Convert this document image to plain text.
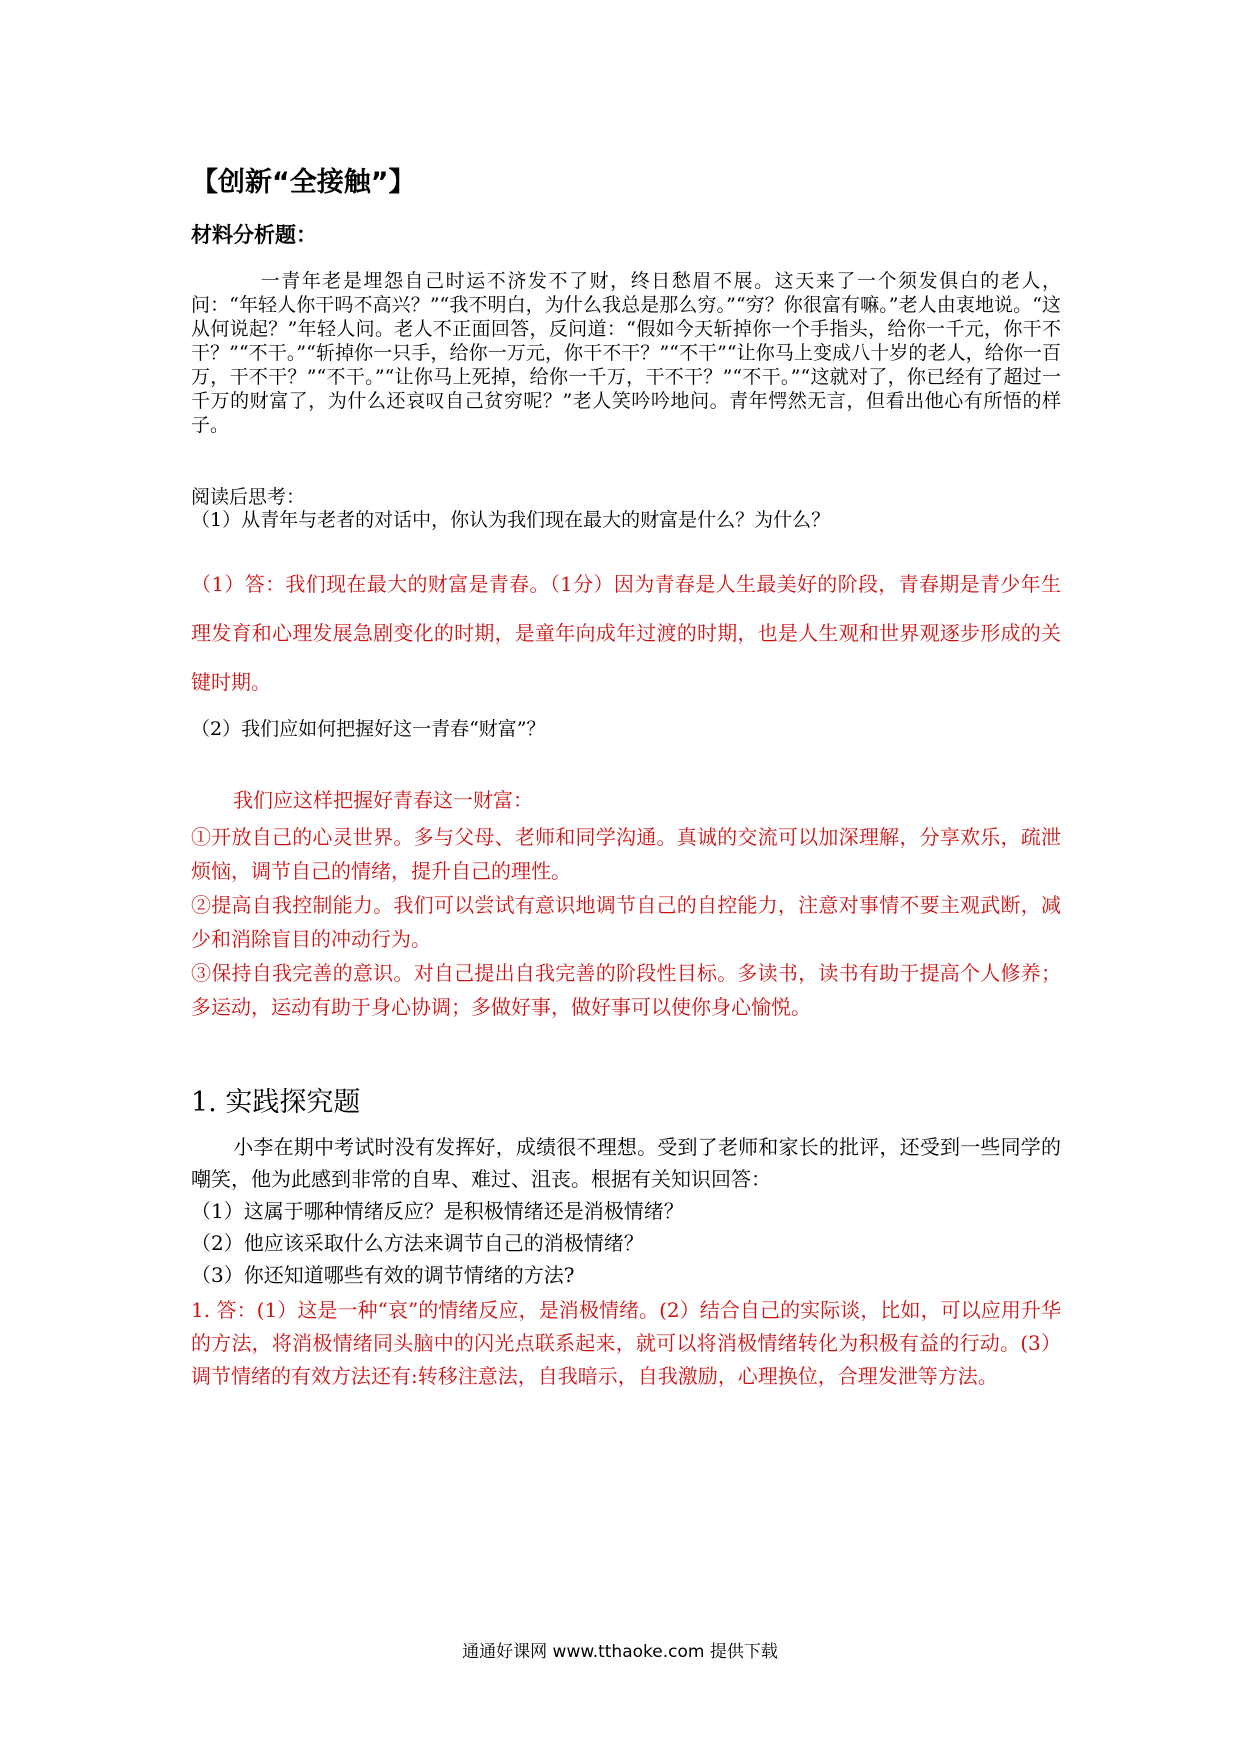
【创新“全接触”】
材料分析题：

一青年老是埋怨自己时运不济发不了财，终日愁眉不展。这天来了一个须发俱白的老人，问：“年轻人你干吗不高兴？”“我不明白，为什么我总是那么穷。”“穷？你很富有嘛。”老人由衷地说。“这从何说起？”年轻人问。老人不正面回答，反问道：“假如今天斩掉你一个手指头，给你一千元，你干不干？”“不干。”“斩掉你一只手，给你一万元，你干不干？”“不干”“让你马上变成八十岁的老人，给你一百万，干不干？”“不干。”“让你马上死掉，给你一千万，干不干？”“不干。”“这就对了，你已经有了超过一千万的财富了，为什么还哀叹自己贫穷呢？”老人笑吟吟地问。青年愕然无言，但看出他心有所悟的样子。

阅读后思考：

（1）从青年与老者的对话中，你认为我们现在最大的财富是什么？为什么？

（1）答：我们现在最大的财富是青春。（1分）因为青春是人生最美好的阶段，青春期是青少年生理发育和心理发展急剧变化的时期，是童年向成年过渡的时期，也是人生观和世界观逐步形成的关键时期。

（2）我们应如何把握好这一青春“财富”？

我们应这样把握好青春这一财富：
①开放自己的心灵世界。多与父母、老师和同学沟通。真诚的交流可以加深理解，分享欢乐，疏泄烦恼，调节自己的情绪，提升自己的理性。
②提高自我控制能力。我们可以尝试有意识地调节自己的自控能力，注意对事情不要主观武断，减少和消除盲目的冲动行为。
③保持自我完善的意识。对自己提出自我完善的阶段性目标。多读书，读书有助于提高个人修养；多运动，运动有助于身心协调；多做好事，做好事可以使你身心愉悦。
1. 实践探究题
小李在期中考试时没有发挥好，成绩很不理想。受到了老师和家长的批评，还受到一些同学的嘲笑，他为此感到非常的自卑、难过、沮丧。根据有关知识回答：
（1）这属于哪种情绪反应？是积极情绪还是消极情绪？
（2）他应该采取什么方法来调节自己的消极情绪？
（3）你还知道哪些有效的调节情绪的方法?

1. 答：(1）这是一种“哀”的情绪反应，是消极情绪。(2）结合自己的实际谈，比如，可以应用升华的方法，将消极情绪同头脑中的闪光点联系起来，就可以将消极情绪转化为积极有益的行动。(3）调节情绪的有效方法还有:转移注意法，自我暗示，自我激励，心理换位，合理发泄等方法。

通通好课网 www.tthaoke.com 提供下载
